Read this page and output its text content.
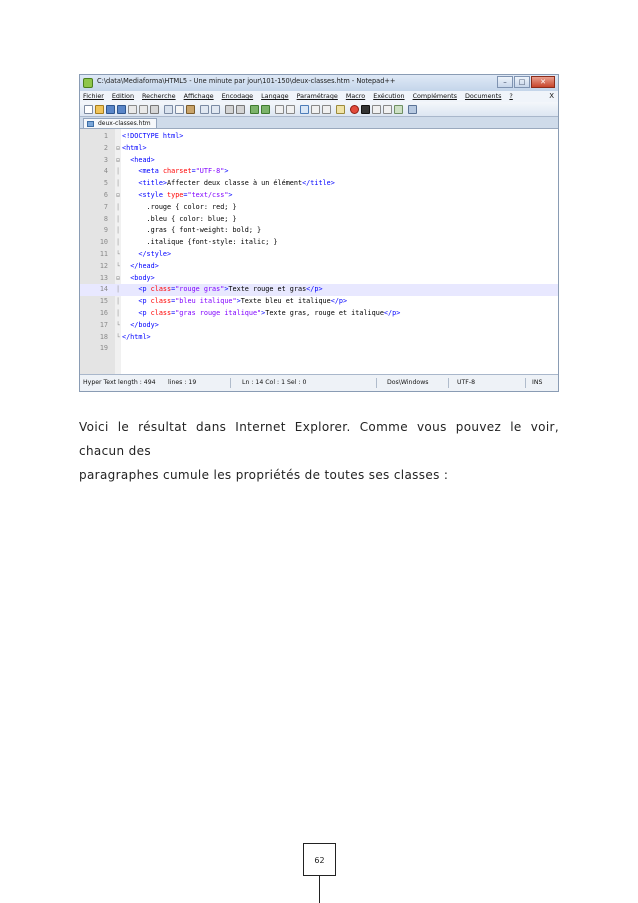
C:\data\Mediaforma\HTML5 - Une minute par jour\101-150\deux-classes.htm - Notepad++	–	□	✕
Fichier Edition Recherche Affichage Encodage Langage Paramétrage Macro Exécution Compléments Documents ?	X
deux-classes.htm
1 <!DOCTYPE html>
2 ⊟ <html>
3 ⊟	<head>
4 │	<meta charset="UTF-8">
5 │	<title>Affecter deux classe à un élément</title>
6 ⊟	<style type="text/css">
7 │ .rouge { color: red; }
8 │ .bleu { color: blue; }
9 │ .gras { font-weight: bold; }
10 │ .italique {font-style: italic; }
11 └	</style>
12 └	</head>
13 ⊟	<body>
14 │	<p class="rouge gras">Texte rouge et gras</p>
15 │	<p class="bleu italique">Texte bleu et italique</p>
16 │	<p class="gras rouge italique">Texte gras, rouge et italique</p>
17 └	</body>
18 └ </html>
19
Hyper Text length : 494 lines : 19	Ln : 14 Col : 1 Sel : 0	Dos\Windows	UTF-8	INS
Voici le résultat dans Internet Explorer. Comme vous pouvez le voir, chacun des
paragraphes cumule les propriétés de toutes ses classes :
62
